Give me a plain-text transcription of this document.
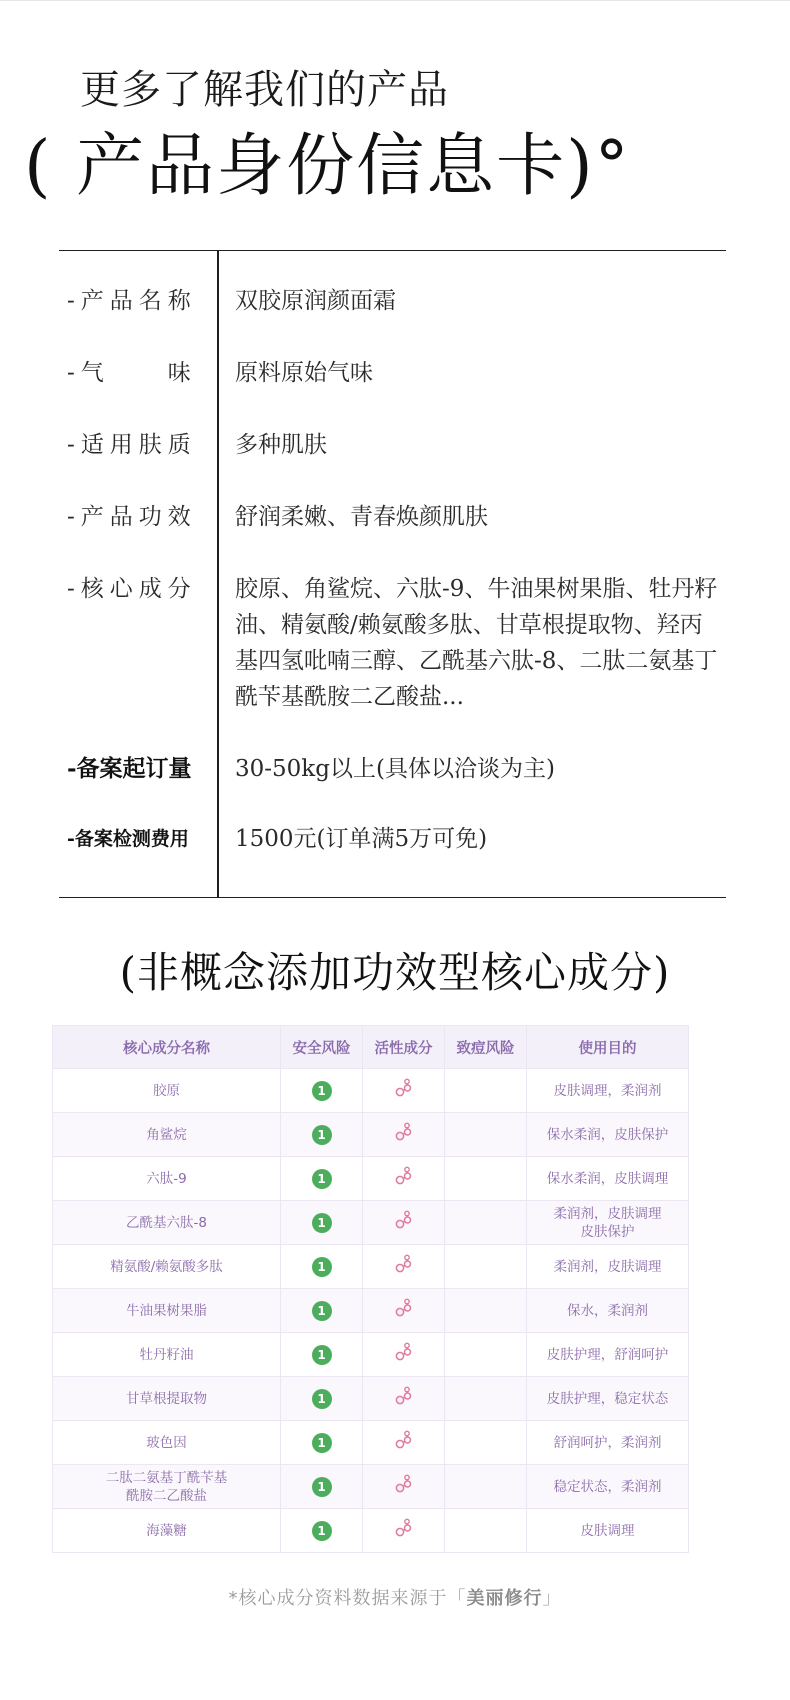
更多了解我们的产品
( 产品身份信息卡)°
-产品名称	双胶原润颜面霜
-气　　味	原料原始气味
-适用肤质	多种肌肤
-产品功效	舒润柔嫩、青春焕颜肌肤
-核心成分	胶原、角鲨烷、六肽-9、牛油果树果脂、牡丹籽油、精氨酸/赖氨酸多肽、甘草根提取物、羟丙基四氢吡喃三醇、乙酰基六肽-8、二肽二氨基丁酰苄基酰胺二乙酸盐...
-备案起订量	30-50kg以上(具体以洽谈为主)
-备案检测费用	1500元(订单满5万可免)
(非概念添加功效型核心成分)
核心成分名称	安全风险	活性成分	致痘风险	使用目的
胶原	1			皮肤调理，柔润剂
角鲨烷	1			保水柔润，皮肤保护
六肽-9	1			保水柔润，皮肤调理
乙酰基六肽-8	1			柔润剂，皮肤调理
皮肤保护
精氨酸/赖氨酸多肽	1			柔润剂，皮肤调理
牛油果树果脂	1			保水，柔润剂
牡丹籽油	1			皮肤护理，舒润呵护
甘草根提取物	1			皮肤护理，稳定状态
玻色因	1			舒润呵护，柔润剂
二肽二氨基丁酰苄基
酰胺二乙酸盐	1			稳定状态，柔润剂
海藻糖	1			皮肤调理
*核心成分资料数据来源于「美丽修行」
